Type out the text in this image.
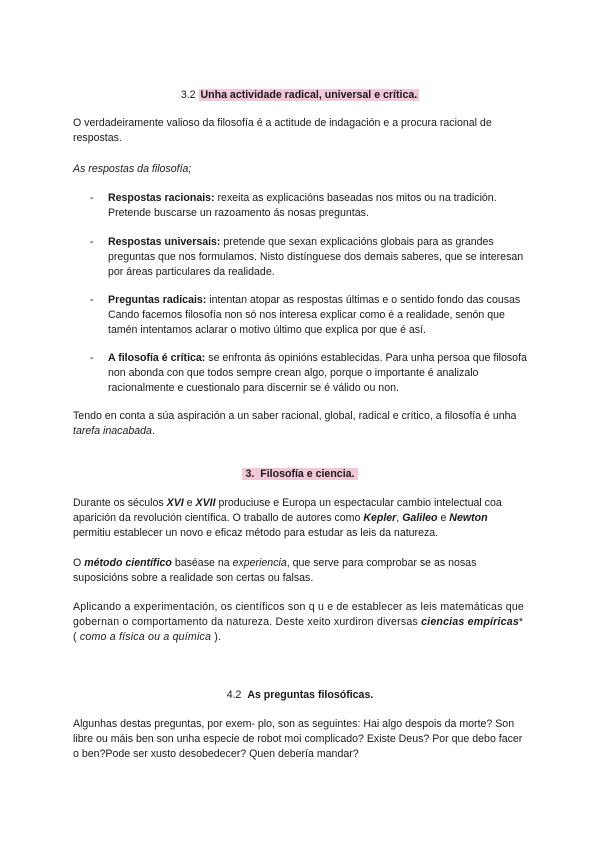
3.2 Unha actividade radical, universal e crítica.
O verdadeiramente valioso da filosofía é a actitude de indagación e a procura racional de respostas.
As respostas da filosofía;
- Respostas racionais: rexeita as explicacións baseadas nos mitos ou na tradición. Pretende buscarse un razoamento ás nosas preguntas.
- Respostas universais: pretende que sexan explicacións globais para as grandes preguntas que nos formulamos. Nisto distínguese dos demais saberes, que se interesan por áreas particulares da realidade.
- Preguntas radicais: intentan atopar as respostas últimas e o sentido fondo das cousas Cando facemos filosofía non só nos interesa explicar como é a realidade, senón que tamén intentamos aclarar o motivo último que explica por que é así.
- A filosofía é crítica: se enfronta ás opinións establecidas. Para unha persoa que filosofa non abonda con que todos sempre crean algo, porque o importante é analizalo racionalmente e cuestionalo para discernir se é válido ou non.
Tendo en conta a súa aspiración a un saber racional, global, radical e crítico, a filosofía é unha tarefa inacabada.
3. Filosofía e ciencia.
Durante os séculos XVI e XVII produciuse e Europa un espectacular cambio intelectual coa aparición da revolución científica. O traballo de autores como Kepler, Galileo e Newton permitiu establecer un novo e eficaz método para estudar as leis da natureza.
O método científico baséase na experiencia, que serve para comprobar se as nosas suposicións sobre a realidade son certas ou falsas.
Aplicando a experimentación, os científicos son q u e de establecer as leis matemáticas que gobernan o comportamento da natureza. Deste xeito xurdiron diversas ciencias empíricas*
( como a física ou a química ).
4.2 As preguntas filosóficas.
Algunhas destas preguntas, por exem- plo, son as seguintes: Hai algo despois da morte? Son libre ou máis ben son unha especie de robot moi complicado? Existe Deus? Por que debo facer o ben?Pode ser xusto desobedecer? Quen debería mandar?
